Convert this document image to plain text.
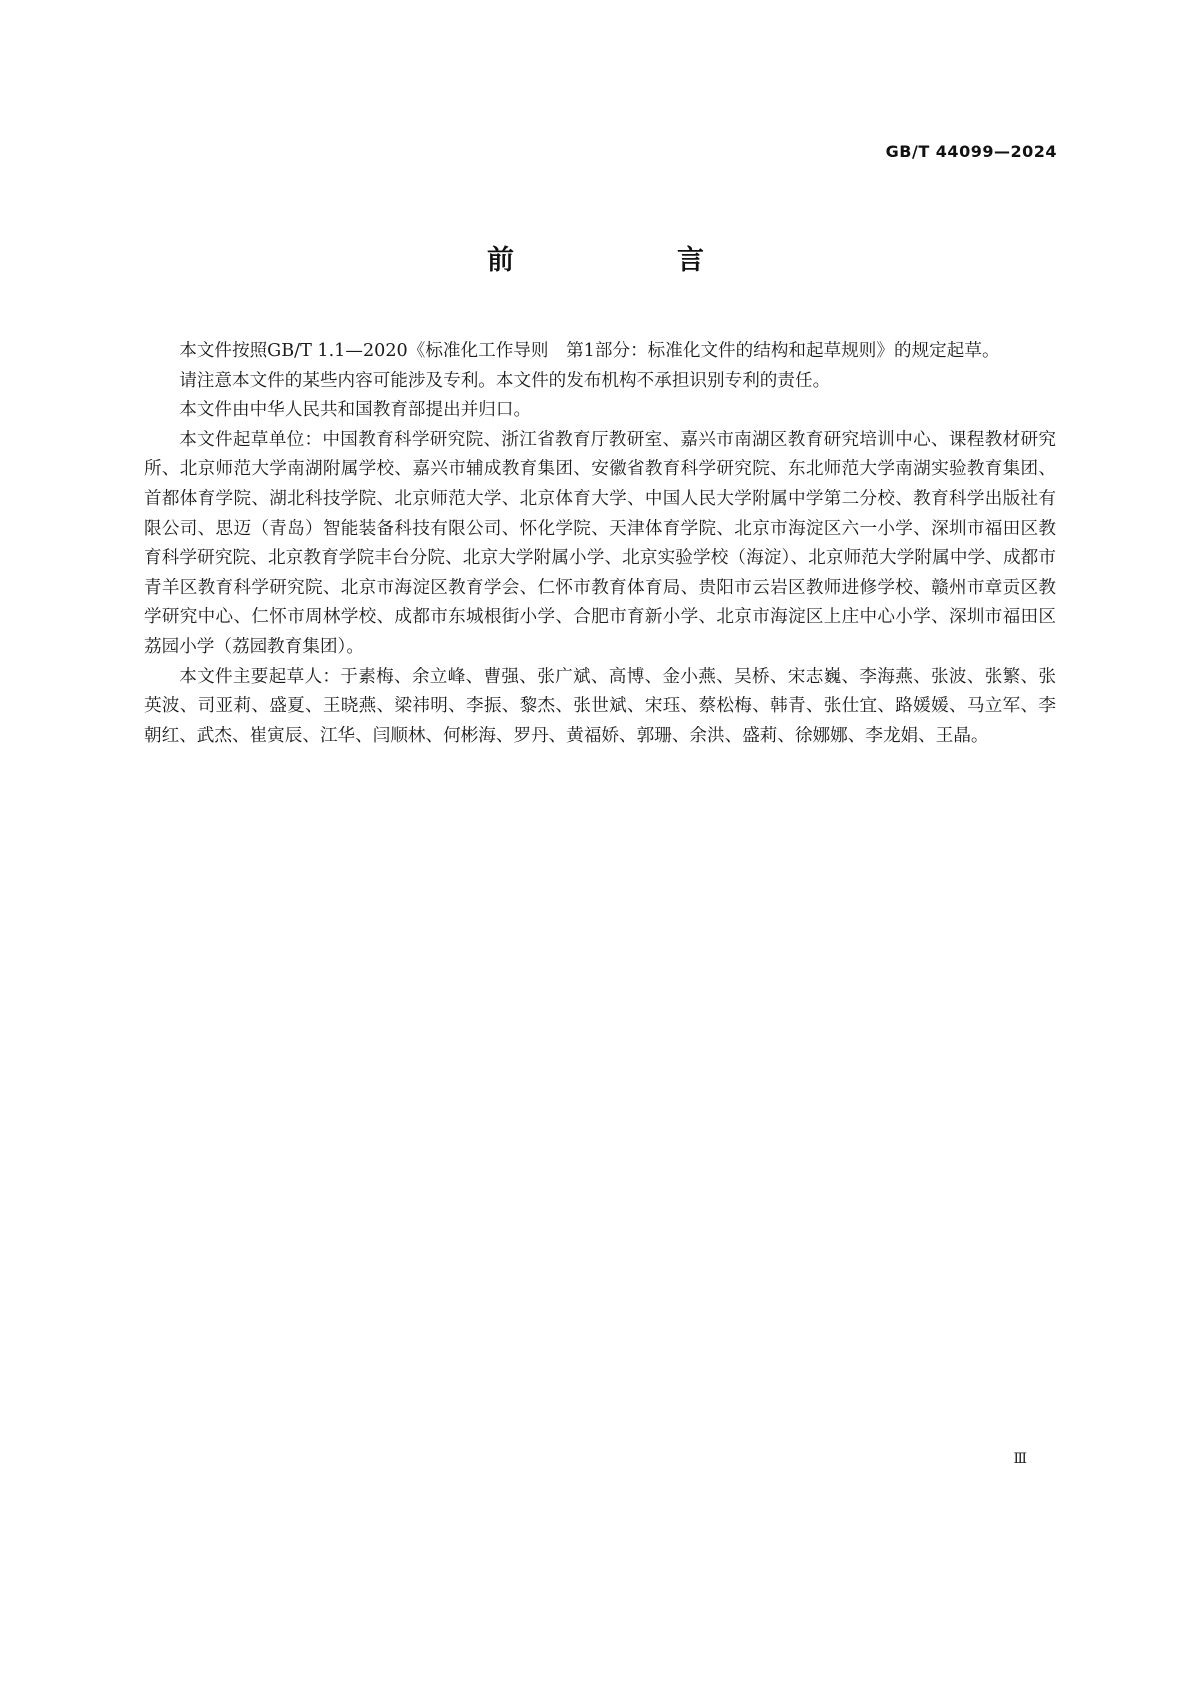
GB/T 44099—2024
前　言

本文件按照GB/T 1.1—2020《标准化工作导则　第1部分：标准化文件的结构和起草规则》的规定起草。

请注意本文件的某些内容可能涉及专利。本文件的发布机构不承担识别专利的责任。

本文件由中华人民共和国教育部提出并归口。

本文件起草单位：中国教育科学研究院、浙江省教育厅教研室、嘉兴市南湖区教育研究培训中心、课程教材研究所、北京师范大学南湖附属学校、嘉兴市辅成教育集团、安徽省教育科学研究院、东北师范大学南湖实验教育集团、首都体育学院、湖北科技学院、北京师范大学、北京体育大学、中国人民大学附属中学第二分校、教育科学出版社有限公司、思迈（青岛）智能装备科技有限公司、怀化学院、天津体育学院、北京市海淀区六一小学、深圳市福田区教育科学研究院、北京教育学院丰台分院、北京大学附属小学、北京实验学校（海淀）、北京师范大学附属中学、成都市青羊区教育科学研究院、北京市海淀区教育学会、仁怀市教育体育局、贵阳市云岩区教师进修学校、赣州市章贡区教学研究中心、仁怀市周林学校、成都市东城根街小学、合肥市育新小学、北京市海淀区上庄中心小学、深圳市福田区荔园小学（荔园教育集团）。

本文件主要起草人：于素梅、余立峰、曹强、张广斌、高博、金小燕、吴桥、宋志巍、李海燕、张波、张繁、张英波、司亚莉、盛夏、王晓燕、梁祎明、李振、黎杰、张世斌、宋珏、蔡松梅、韩青、张仕宜、路媛媛、马立军、李朝红、武杰、崔寅辰、江华、闫顺林、何彬海、罗丹、黄福娇、郭珊、余洪、盛莉、徐娜娜、李龙娟、王晶。

Ⅲ
